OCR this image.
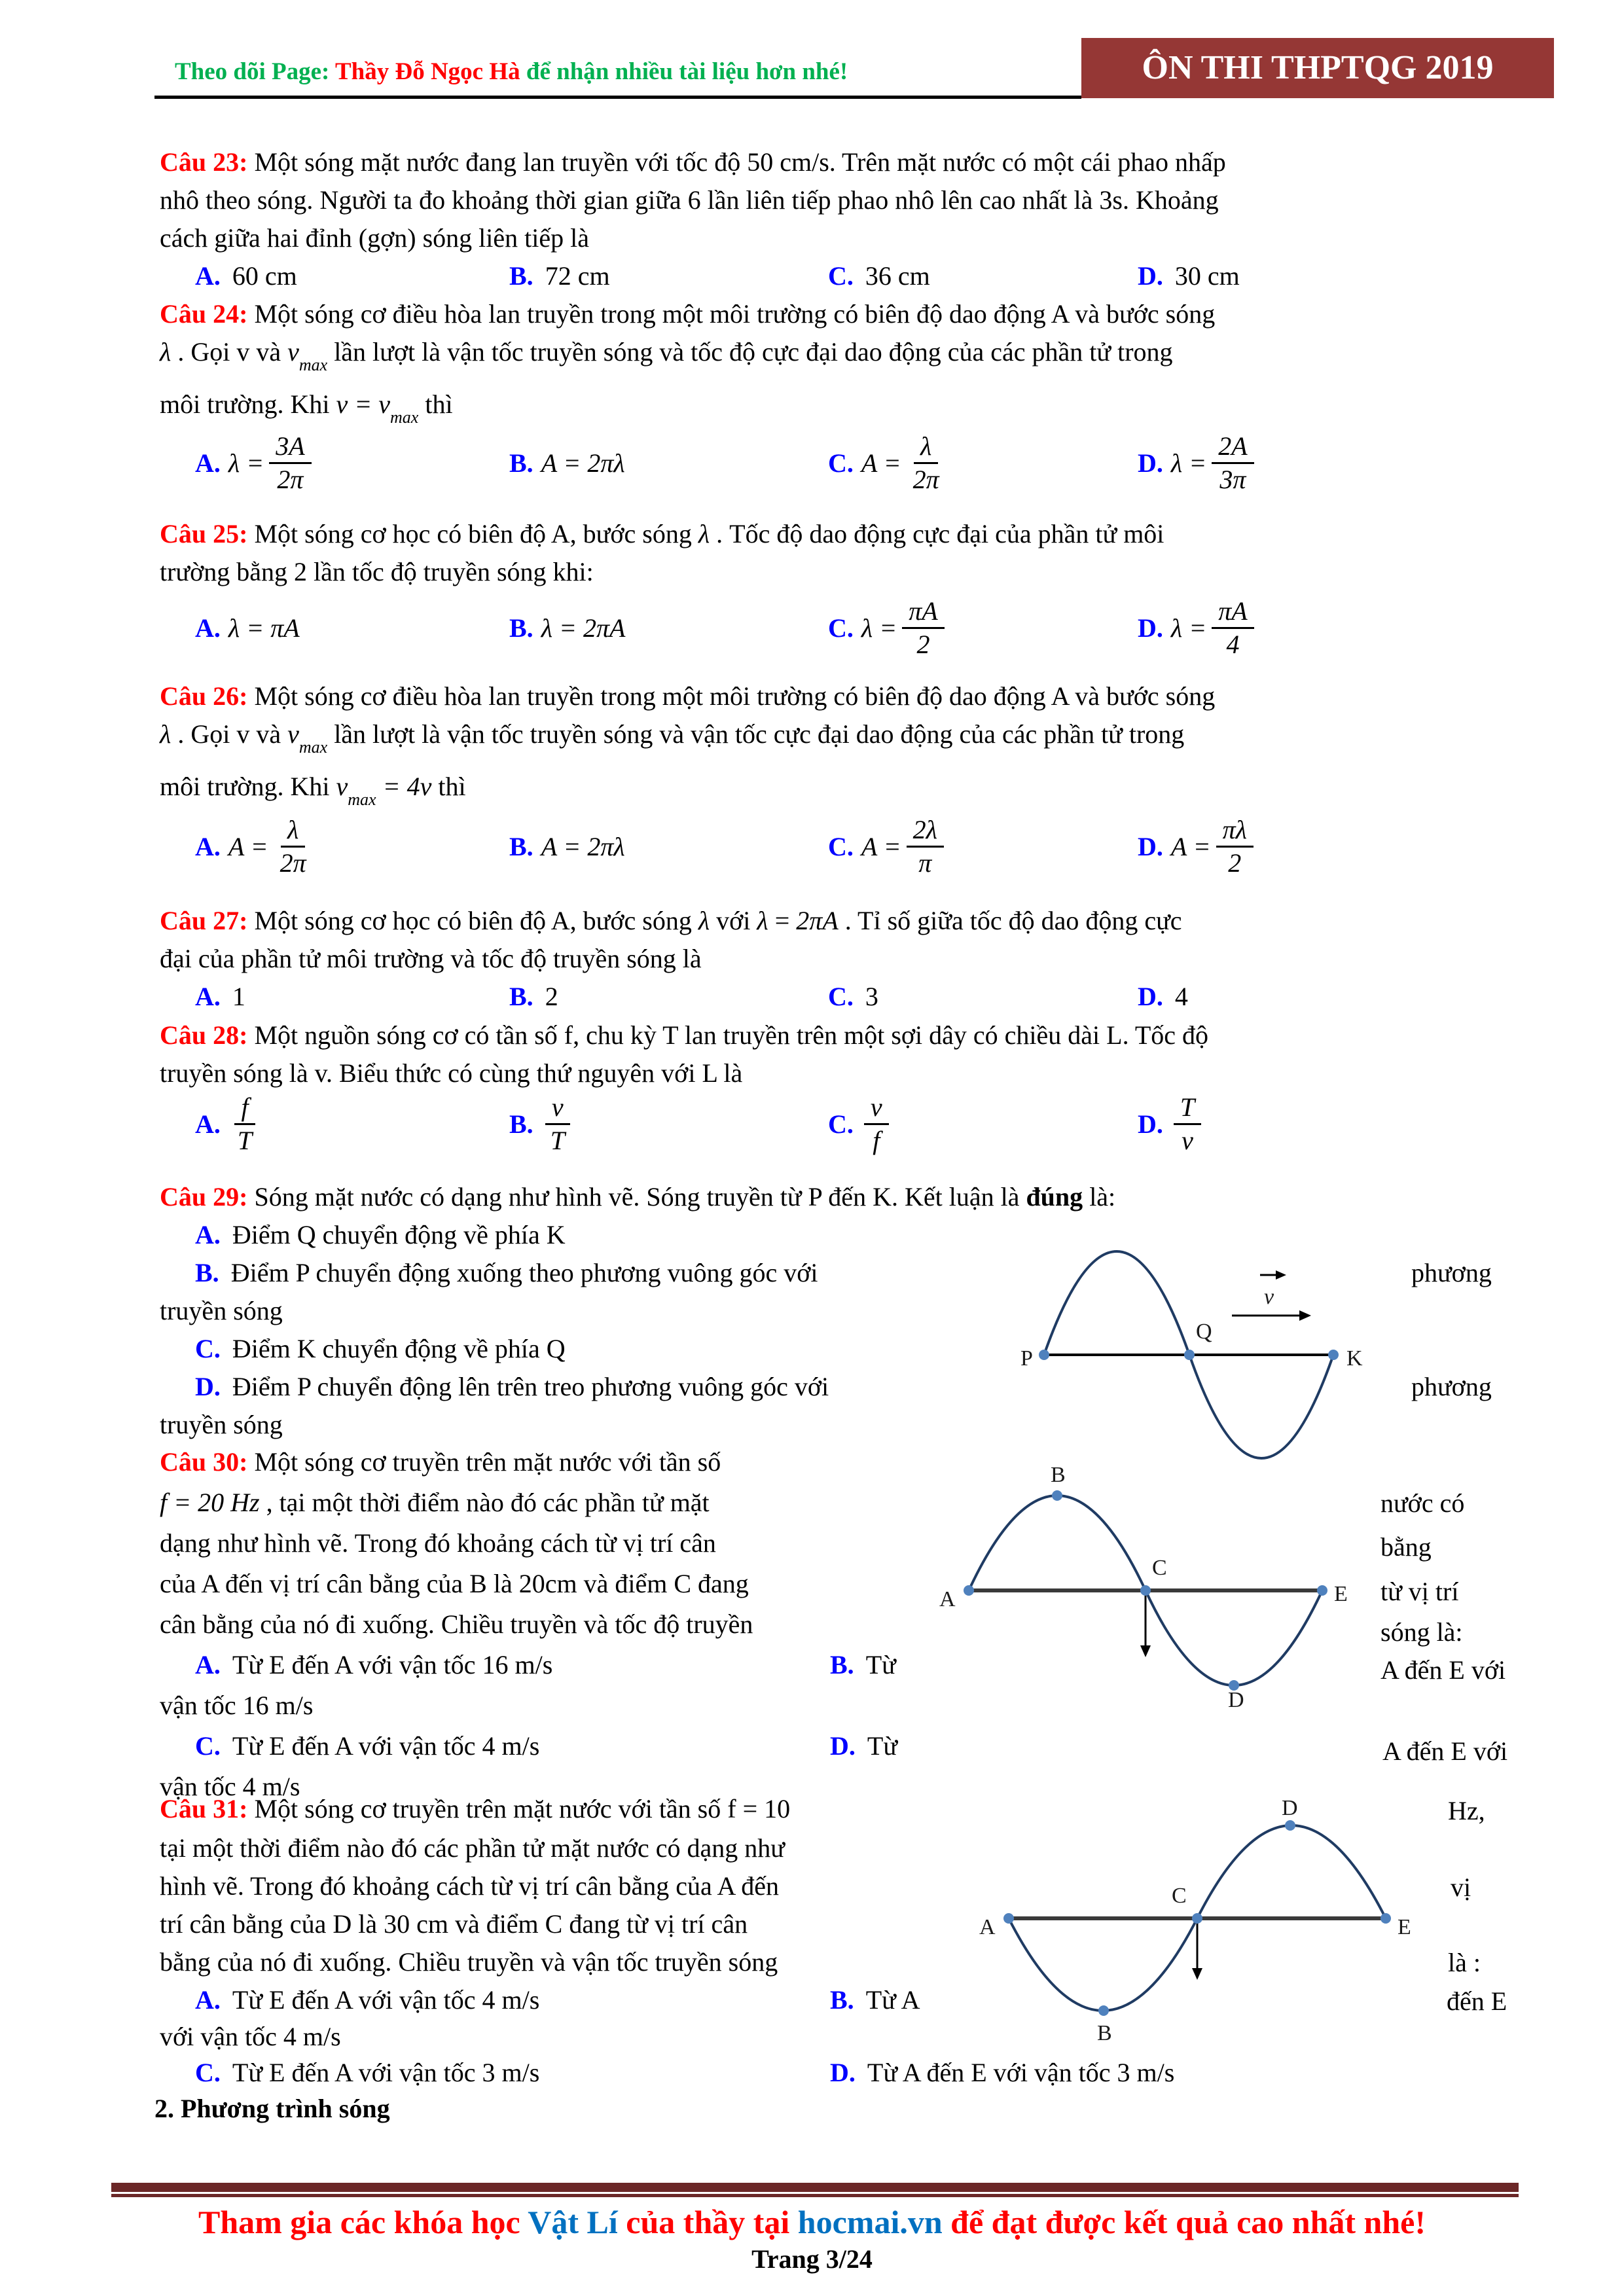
Theo dõi Page: Thầy Đỗ Ngọc Hà để nhận nhiều tài liệu hơn nhé!	ÔN THI THPTQG 2019
Câu 23: Một sóng mặt nước đang lan truyền với tốc độ 50 cm/s. Trên mặt nước có một cái phao nhấp
nhô theo sóng. Người ta đo khoảng thời gian giữa 6 lần liên tiếp phao nhô lên cao nhất là 3s. Khoảng
cách giữa hai đỉnh (gợn) sóng liên tiếp là
A. 60 cm	B. 72 cm	C. 36 cm	D. 30 cm
Câu 24: Một sóng cơ điều hòa lan truyền trong một môi trường có biên độ dao động A và bước sóng
λ . Gọi v và $v_{max}$ lần lượt là vận tốc truyền sóng và tốc độ cực đại dao động của các phần tử trong
môi trường. Khi $v = v_{max}$ thì
A. $\lambda = \frac{3A}{2\pi}$	B. A = 2πλ	C. $A = \frac{\lambda}{2\pi}$	D. $\lambda = \frac{2A}{3\pi}$
Câu 25: Một sóng cơ học có biên độ A, bước sóng λ . Tốc độ dao động cực đại của phần tử môi
trường bằng 2 lần tốc độ truyền sóng khi:
A. λ = πA	B. λ = 2πA	C. $\lambda = \frac{\pi A}{2}$	D. $\lambda = \frac{\pi A}{4}$
Câu 26: Một sóng cơ điều hòa lan truyền trong một môi trường có biên độ dao động A và bước sóng
λ . Gọi v và $v_{max}$ lần lượt là vận tốc truyền sóng và vận tốc cực đại dao động của các phần tử trong
môi trường. Khi $v_{max} = 4v$ thì
A. $A = \frac{\lambda}{2\pi}$	B. A = 2πλ	C. $A = \frac{2\lambda}{\pi}$	D. $A = \frac{\pi\lambda}{2}$
Câu 27: Một sóng cơ học có biên độ A, bước sóng λ với λ = 2πA . Tỉ số giữa tốc độ dao động cực
đại của phần tử môi trường và tốc độ truyền sóng là
A. 1	B. 2	C. 3	D. 4
Câu 28: Một nguồn sóng cơ có tần số f, chu kỳ T lan truyền trên một sợi dây có chiều dài L. Tốc độ
truyền sóng là v. Biểu thức có cùng thứ nguyên với L là
A. $\frac{f}{T}$	B. $\frac{v}{T}$	C. $\frac{v}{f}$	D. $\frac{T}{v}$
Câu 29: Sóng mặt nước có dạng như hình vẽ. Sóng truyền từ P đến K. Kết luận là đúng là:
A. Điểm Q chuyển động về phía K
B. Điểm P chuyển động xuống theo phương vuông góc với
truyền sóng
C. Điểm K chuyển động về phía Q
D. Điểm P chuyển động lên trên treo phương vuông góc với
truyền sóng
phương
phương
P
Q
K
v
Câu 30: Một sóng cơ truyền trên mặt nước với tần số
f = 20 Hz , tại một thời điểm nào đó các phần tử mặt
dạng như hình vẽ. Trong đó khoảng cách từ vị trí cân
của A đến vị trí cân bằng của B là 20cm và điểm C đang
cân bằng của nó đi xuống. Chiều truyền và tốc độ truyền
A. Từ E đến A với vận tốc 16 m/s	B. Từ
vận tốc 16 m/s
C. Từ E đến A với vận tốc 4 m/s	D. Từ
vận tốc 4 m/s
nước có
bằng
từ vị trí
sóng là:
A đến E với
A đến E với
A
B
C
D
E
Câu 31: Một sóng cơ truyền trên mặt nước với tần số f = 10
tại một thời điểm nào đó các phần tử mặt nước có dạng như
hình vẽ. Trong đó khoảng cách từ vị trí cân bằng của A đến
trí cân bằng của D là 30 cm và điểm C đang từ vị trí cân
bằng của nó đi xuống. Chiều truyền và vận tốc truyền sóng
A. Từ E đến A với vận tốc 4 m/s	B. Từ A
với vận tốc 4 m/s
C. Từ E đến A với vận tốc 3 m/s	D. Từ A đến E với vận tốc 3 m/s
Hz,
vị
là :
đến E
A
B
C
D
E
2. Phương trình sóng
Tham gia các khóa học Vật Lí của thầy tại hocmai.vn để đạt được kết quả cao nhất nhé!
Trang 3/24
